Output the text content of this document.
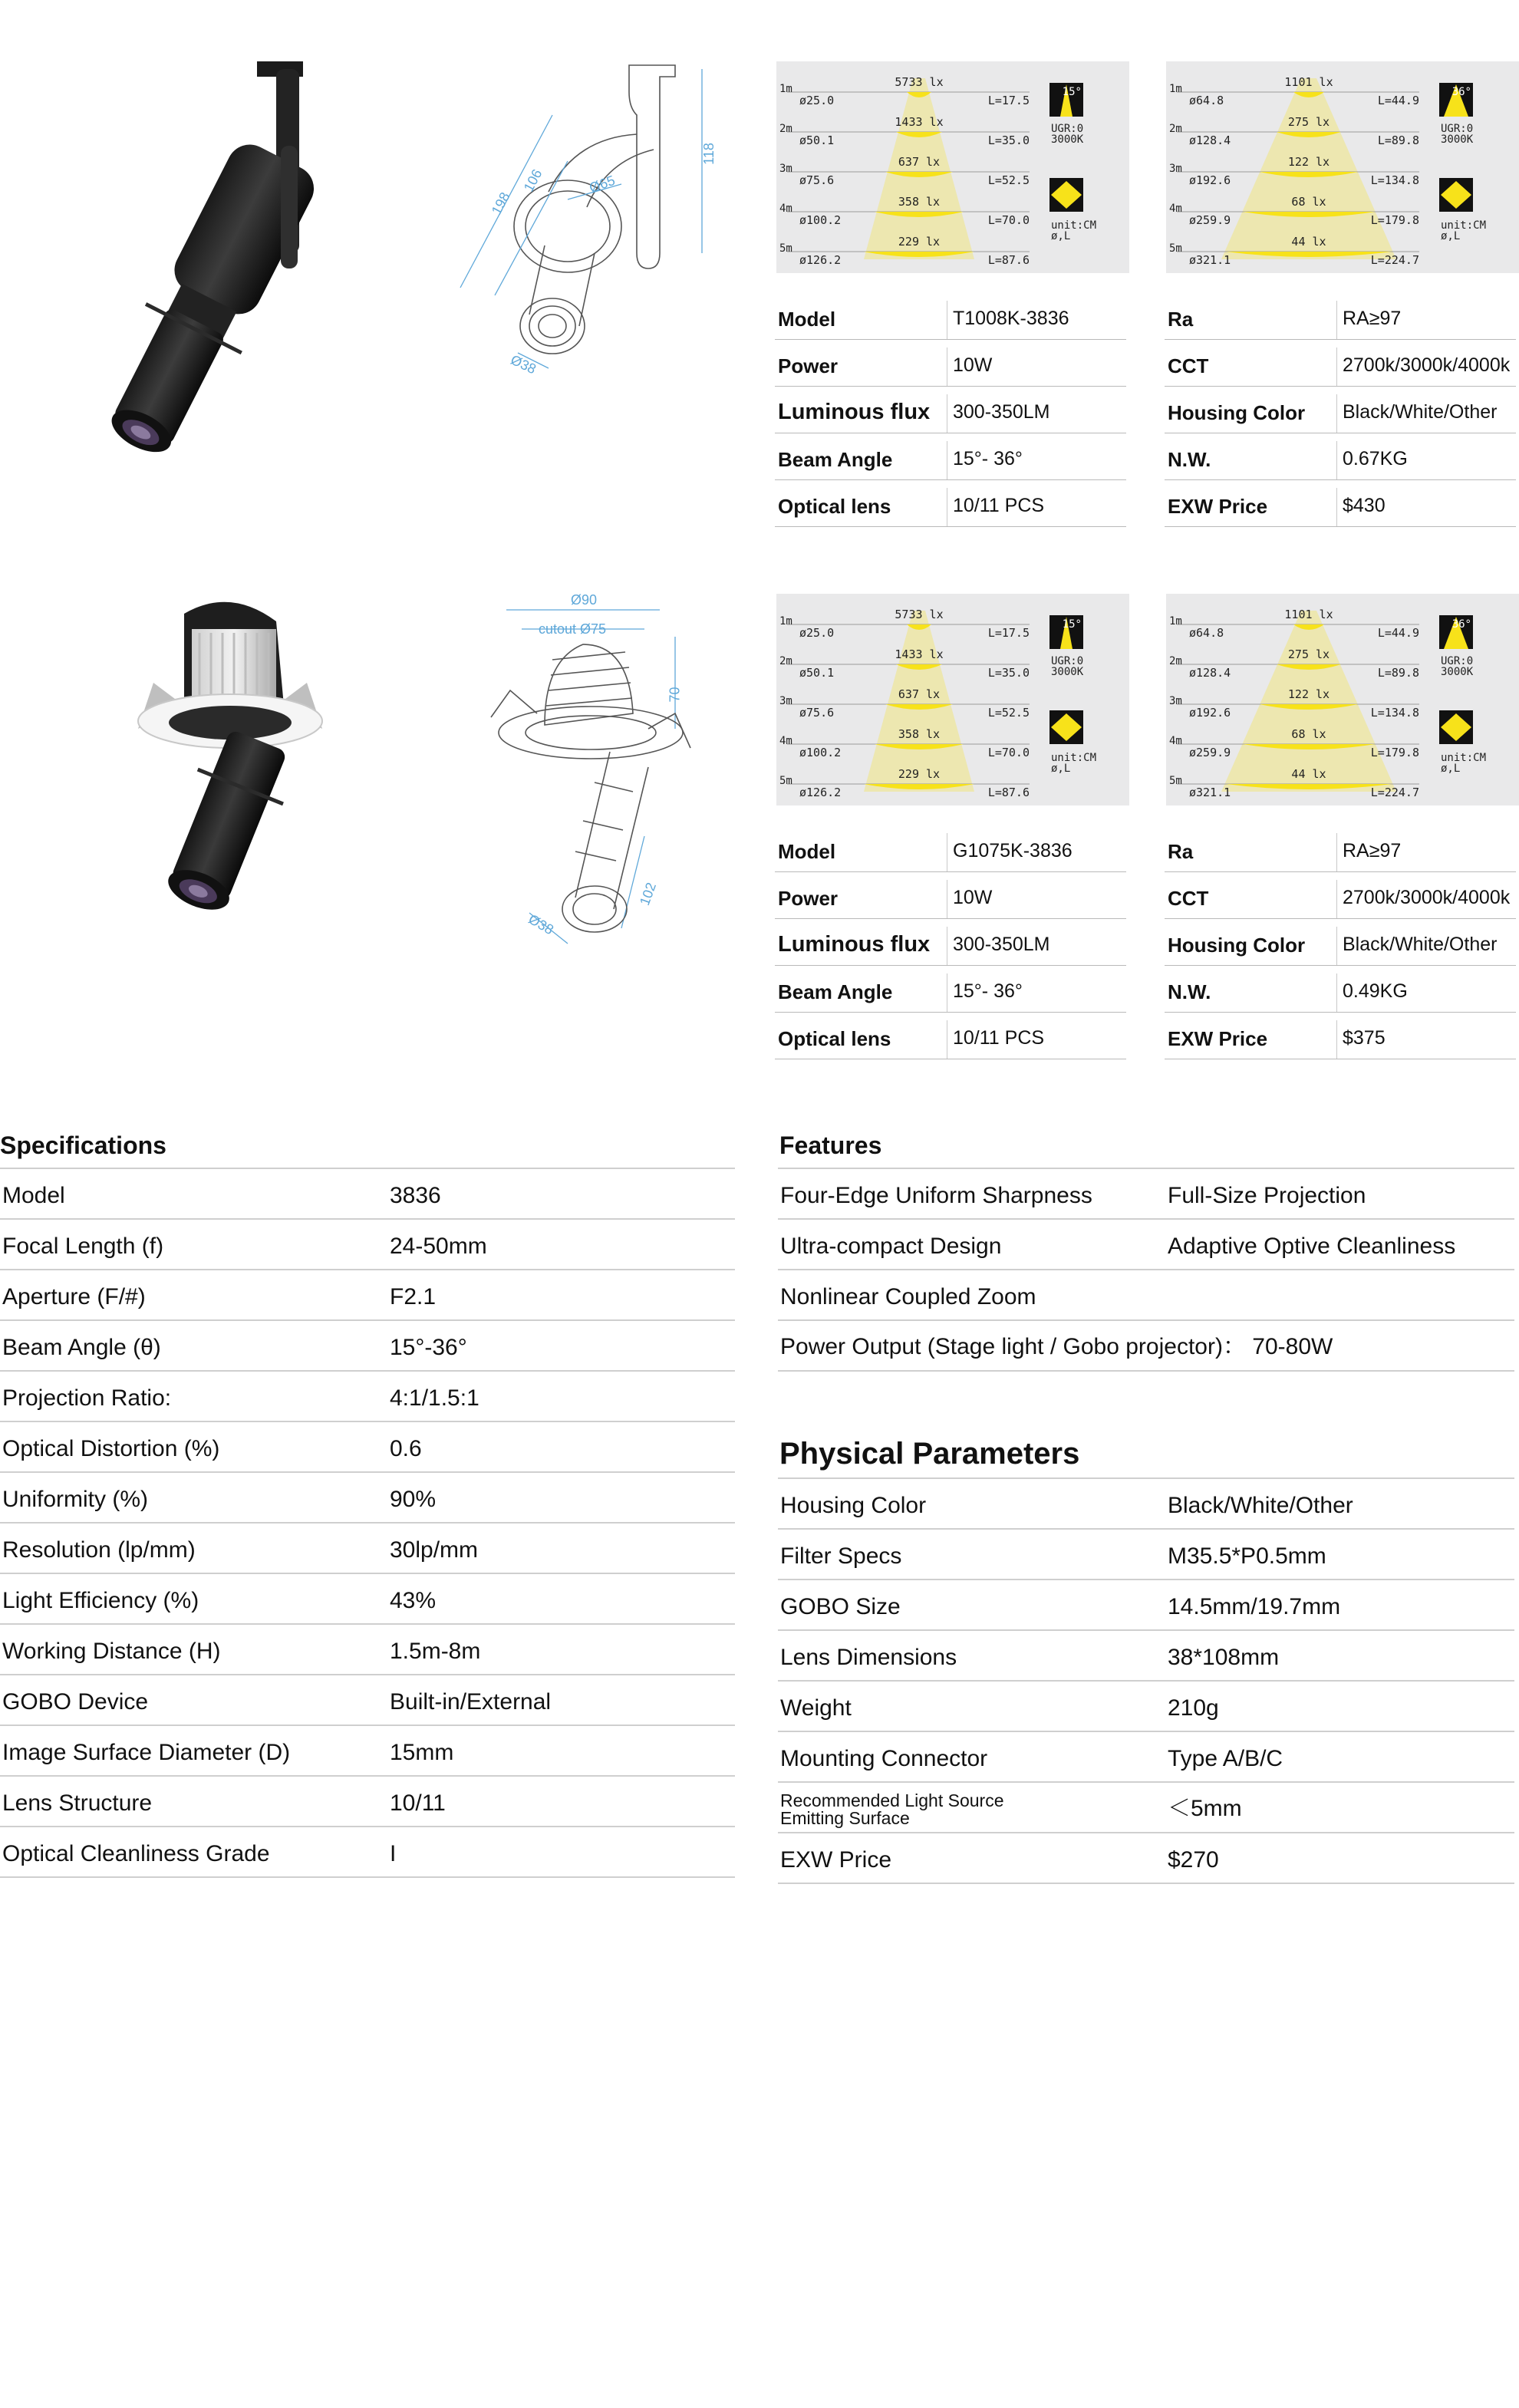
198
106	Ø65
Ø38
118
1m
ø25.0
5733 lx
L=17.5
2m
ø50.1
1433 lx
L=35.0
3m
ø75.6
637 lx
L=52.5
4m
ø100.2
358 lx
L=70.0
5m
ø126.2
229 lx
L=87.6
15°
UGR:0
3000K
unit:CM
ø,L
1m
ø64.8
1101 lx
L=44.9
2m
ø128.4
275 lx
L=89.8
3m
ø192.6
122 lx
L=134.8
4m
ø259.9
68 lx
L=179.8
5m
ø321.1
44 lx
L=224.7
36°
UGR:0
3000K
unit:CM
ø,L
Model	T1008K-3836
Power	10W
Luminous flux 300-350LM
Beam Angle	15°- 36°
Optical lens	10/11 PCS
Ra	RA≥97
CCT	2700k/3000k/4000k
Housing Color Black/White/Other
N.W.	0.67KG
EXW Price	$430
Ø90
cutout Ø75
70
102
Ø38
1m
ø25.0
5733 lx
L=17.5
2m
ø50.1
1433 lx
L=35.0
3m
ø75.6
637 lx
L=52.5
4m
ø100.2
358 lx
L=70.0
5m
ø126.2
229 lx
L=87.6
15°
UGR:0
3000K
unit:CM
ø,L
1m
ø64.8
1101 lx
L=44.9
2m
ø128.4
275 lx
L=89.8
3m
ø192.6
122 lx
L=134.8
4m
ø259.9
68 lx
L=179.8
5m
ø321.1
44 lx
L=224.7
36°
UGR:0
3000K
unit:CM
ø,L
Model	G1075K-3836
Power	10W
Luminous flux 300-350LM
Beam Angle	15°- 36°
Optical lens	10/11 PCS
Ra	RA≥97
CCT	2700k/3000k/4000k
Housing Color Black/White/Other
N.W.	0.49KG
EXW Price	$375
Specifications
Model	3836
Focal Length (f)	24-50mm
Aperture (F/#)	F2.1
Beam Angle (θ)	15°-36°
Projection Ratio:	4:1/1.5:1
Optical Distortion (%)	0.6
Uniformity (%)	90%
Resolution (lp/mm)	30lp/mm
Light Efficiency (%)	43%
Working Distance (H)	1.5m-8m
GOBO Device	Built-in/External
Image Surface Diameter (D)	15mm
Lens Structure	10/11
Optical Cleanliness Grade	I
Features
Four-Edge Uniform Sharpness	Full-Size Projection
Ultra-compact Design	Adaptive Optive Cleanliness
Nonlinear Coupled Zoom
Power Output (Stage light / Gobo projector)： 70-80W
Physical Parameters
Housing Color	Black/White/Other
Filter Specs	M35.5*P0.5mm
GOBO Size	14.5mm/19.7mm
Lens Dimensions	38*108mm
Weight	210g
Mounting Connector	Type A/B/C
Recommended Light Source Emitting Surface	＜5mm
EXW Price	$270
